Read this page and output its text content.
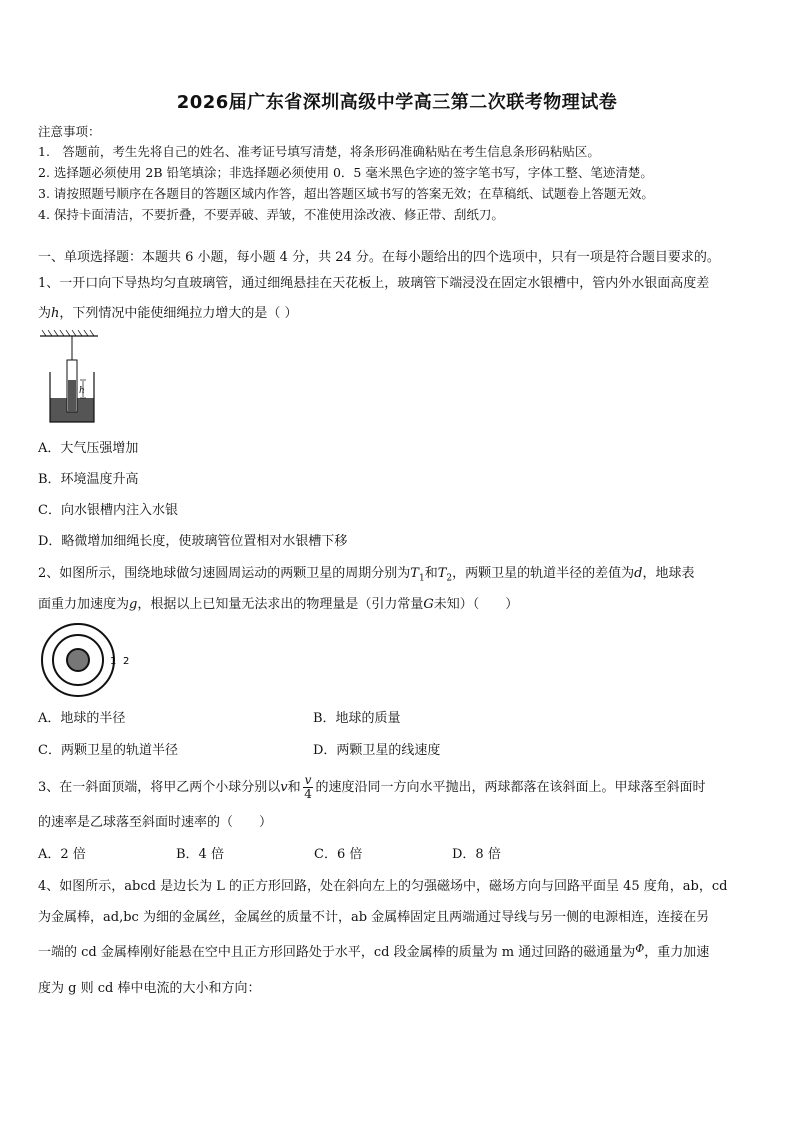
2026届广东省深圳高级中学高三第二次联考物理试卷
注意事项：
1.　答题前，考生先将自己的姓名、准考证号填写清楚，将条形码准确粘贴在考生信息条形码粘贴区。
2. 选择题必须使用 2B 铅笔填涂；非选择题必须使用 0．5 毫米黑色字迹的签字笔书写，字体工整、笔迹清楚。
3. 请按照题号顺序在各题目的答题区域内作答，超出答题区域书写的答案无效；在草稿纸、试题卷上答题无效。
4. 保持卡面清洁，不要折叠，不要弄破、弄皱，不准使用涂改液、修正带、刮纸刀。
一、单项选择题：本题共 6 小题，每小题 4 分，共 24 分。在每小题给出的四个选项中，只有一项是符合题目要求的。
1、一开口向下导热均匀直玻璃管，通过细绳悬挂在天花板上，玻璃管下端浸没在固定水银槽中，管内外水银面高度差
为h，下列情况中能使细绳拉力增大的是（ ）
h
A．大气压强增加
B．环境温度升高
C．向水银槽内注入水银
D．略微增加细绳长度，使玻璃管位置相对水银槽下移
2、如图所示，围绕地球做匀速圆周运动的两颗卫星的周期分别为$T_1$和$T_2$，两颗卫星的轨道半径的差值为d，地球表
面重力加速度为g，根据以上已知量无法求出的物理量是（引力常量G未知）（　　）
1 2
A．地球的半径	B．地球的质量
C．两颗卫星的轨道半径	D．两颗卫星的线速度
3、在一斜面顶端，将甲乙两个小球分别以v和 $\frac{v}{4}$ 的速度沿同一方向水平抛出，两球都落在该斜面上。甲球落至斜面时
的速率是乙球落至斜面时速率的（　　）
A．2 倍	B．4 倍	C．6 倍	D．8 倍
4、如图所示，abcd 是边长为 L 的正方形回路，处在斜向左上的匀强磁场中，磁场方向与回路平面呈 45 度角，ab，cd
为金属棒，ad,bc 为细的金属丝，金属丝的质量不计，ab 金属棒固定且两端通过导线与另一侧的电源相连，连接在另
一端的 cd 金属棒刚好能悬在空中且正方形回路处于水平，cd 段金属棒的质量为 m 通过回路的磁通量为$^\Phi$，重力加速
度为 g 则 cd 棒中电流的大小和方向：
